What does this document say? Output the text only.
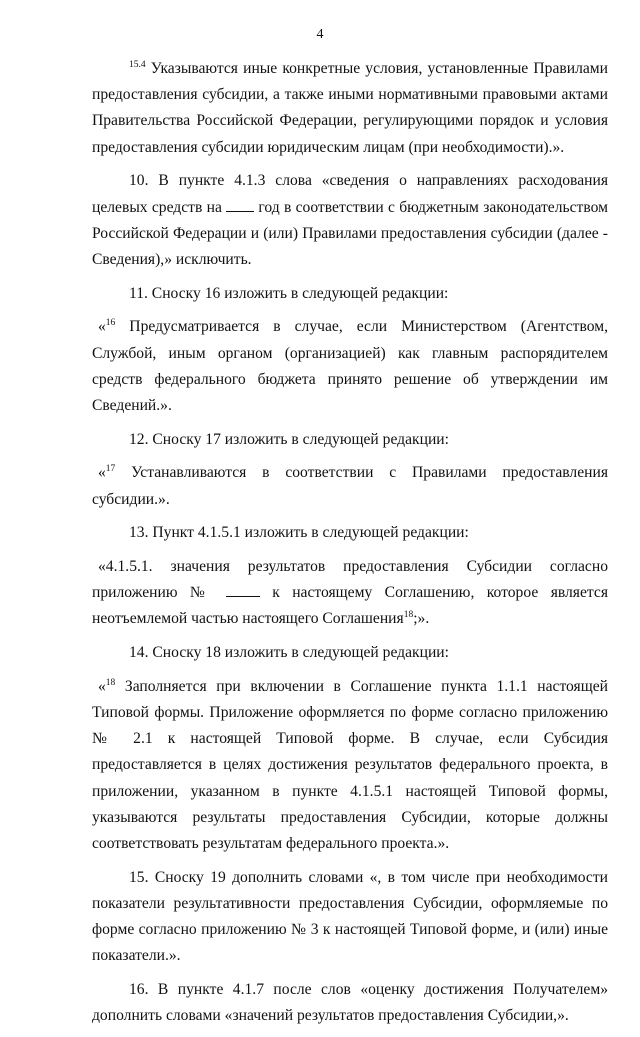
4

$^{15.4}$ Указываются иные конкретные условия, установленные Правилами предоставления субсидии, а также иными нормативными правовыми актами Правительства Российской Федерации, регулирующими порядок и условия предоставления субсидии юридическим лицам (при необходимости).».

10. В пункте 4.1.3 слова «сведения о направлениях расходования целевых средств на  год в соответствии с бюджетным законодательством Российской Федерации и (или) Правилами предоставления субсидии (далее - Сведения),» исключить.

11. Сноску 16 изложить в следующей редакции:

«$^{16}$ Предусматривается в случае, если Министерством (Агентством, Службой, иным органом (организацией) как главным распорядителем средств федерального бюджета принято решение об утверждении им Сведений.».

12. Сноску 17 изложить в следующей редакции:

«$^{17}$ Устанавливаются в соответствии с Правилами предоставления субсидии.».

13. Пункт 4.1.5.1 изложить в следующей редакции:

«4.1.5.1. значения результатов предоставления Субсидии согласно приложению №  к настоящему Соглашению, которое является неотъемлемой частью настоящего Соглашения$^{18}$;».

14. Сноску 18 изложить в следующей редакции:

«$^{18}$ Заполняется при включении в Соглашение пункта 1.1.1 настоящей Типовой формы. Приложение оформляется по форме согласно приложению № 2.1 к настоящей Типовой форме. В случае, если Субсидия предоставляется в целях достижения результатов федерального проекта, в приложении, указанном в пункте 4.1.5.1 настоящей Типовой формы, указываются результаты предоставления Субсидии, которые должны соответствовать результатам федерального проекта.».

15. Сноску 19 дополнить словами «, в том числе при необходимости показатели результативности предоставления Субсидии, оформляемые по форме согласно приложению № 3 к настоящей Типовой форме, и (или) иные показатели.».

16. В пункте 4.1.7 после слов «оценку достижения Получателем» дополнить словами «значений результатов предоставления Субсидии,».
